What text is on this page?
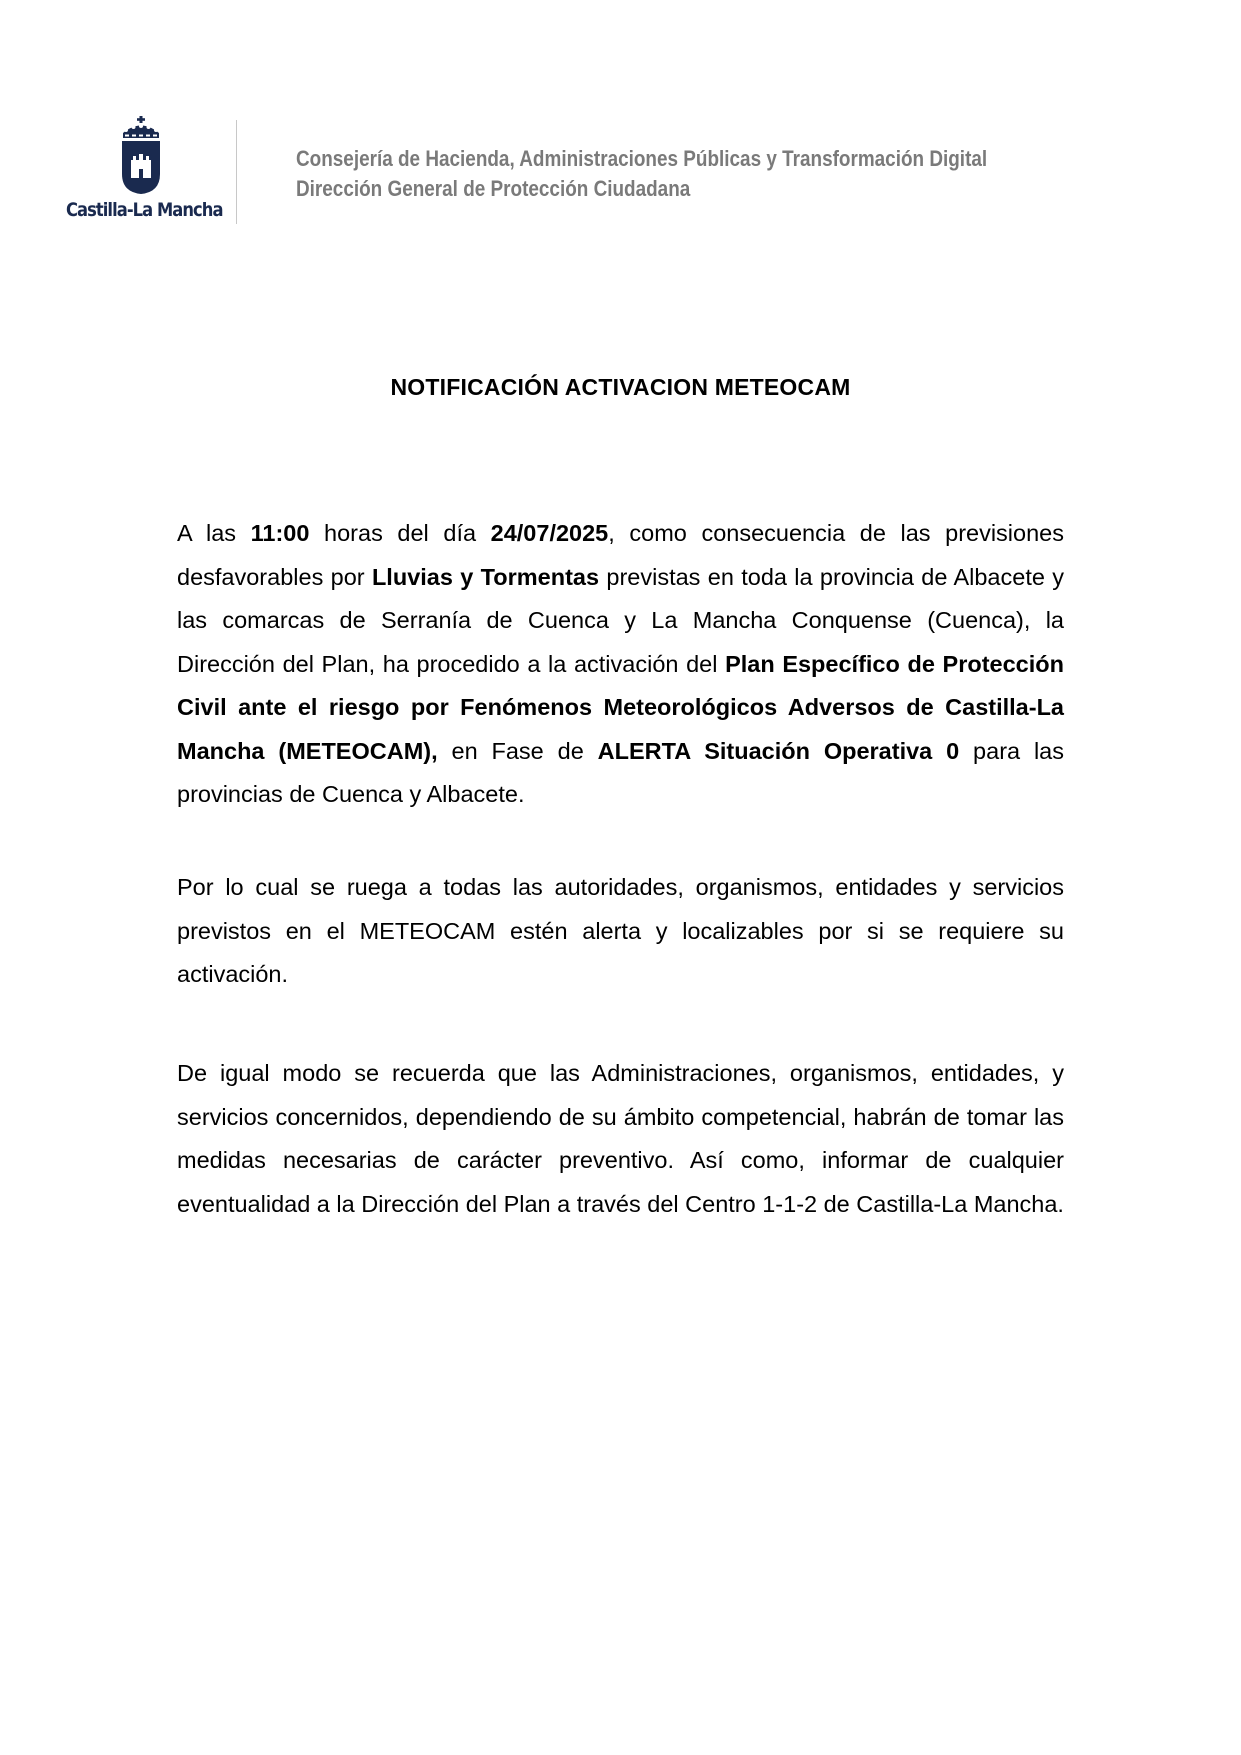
Castilla-La Mancha
Consejería de Hacienda, Administraciones Públicas y Transformación Digital
Dirección General de Protección Ciudadana
NOTIFICACIÓN ACTIVACION METEOCAM
A las 11:00 horas del día 24/07/2025, como consecuencia de las previsiones desfavorables por Lluvias y Tormentas previstas en toda la provincia de Albacete y las comarcas de Serranía de Cuenca y La Mancha Conquense (Cuenca), la Dirección del Plan, ha procedido a la activación del Plan Específico de Protección Civil ante el riesgo por Fenómenos Meteorológicos Adversos de Castilla-La Mancha (METEOCAM), en Fase de ALERTA Situación Operativa 0 para las provincias de Cuenca y Albacete.
Por lo cual se ruega a todas las autoridades, organismos, entidades y servicios previstos en el METEOCAM estén alerta y localizables por si se requiere su activación.
De igual modo se recuerda que las Administraciones, organismos, entidades, y servicios concernidos, dependiendo de su ámbito competencial, habrán de tomar las medidas necesarias de carácter preventivo. Así como, informar de cualquier eventualidad a la Dirección del Plan a través del Centro 1-1-2 de Castilla-La Mancha.
